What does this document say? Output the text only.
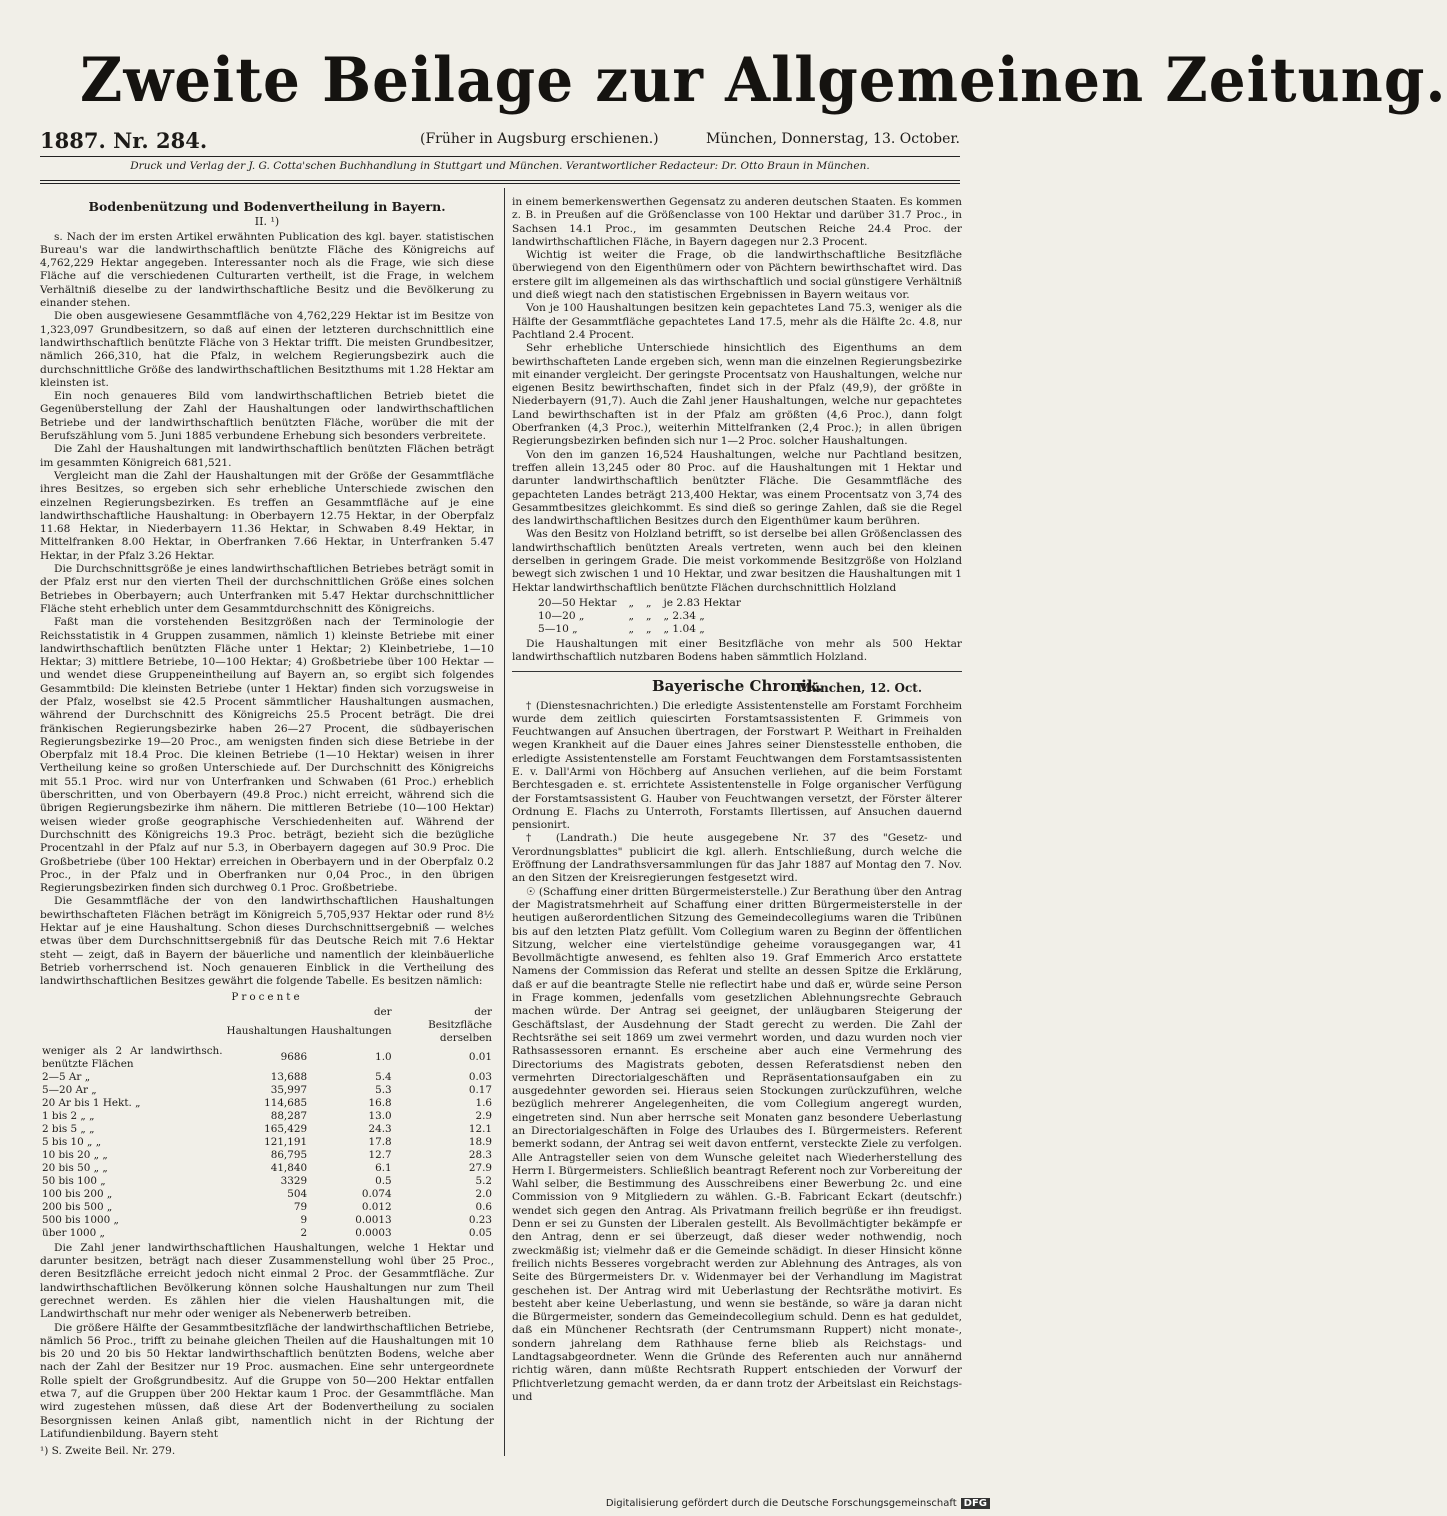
Zweite Beilage zur Allgemeinen Zeitung.
1887. Nr. 284.	(Früher in Augsburg erschienen.)	München, Donnerstag, 13. October.
Druck und Verlag der J. G. Cotta'schen Buchhandlung in Stuttgart und München. Verantwortlicher Redacteur: Dr. Otto Braun in München.
Bodenbenützung und Bodenvertheilung in Bayern.
II. ¹)

s. Nach der im ersten Artikel erwähnten Publication des kgl. bayer. statistischen Bureau's war die landwirthschaftlich benützte Fläche des Königreichs auf 4,762,229 Hektar angegeben. Interessanter noch als die Frage, wie sich diese Fläche auf die verschiedenen Culturarten vertheilt, ist die Frage, in welchem Verhältniß dieselbe zu der landwirthschaftliche Besitz und die Bevölkerung zu einander stehen.

Die oben ausgewiesene Gesammtfläche von 4,762,229 Hektar ist im Besitze von 1,323,097 Grundbesitzern, so daß auf einen der letzteren durchschnittlich eine landwirthschaftlich benützte Fläche von 3 Hektar trifft. Die meisten Grundbesitzer, nämlich 266,310, hat die Pfalz, in welchem Regierungsbezirk auch die durchschnittliche Größe des landwirthschaftlichen Besitzthums mit 1.28 Hektar am kleinsten ist.

Ein noch genaueres Bild vom landwirthschaftlichen Betrieb bietet die Gegenüberstellung der Zahl der Haushaltungen oder landwirthschaftlichen Betriebe und der landwirthschaftlich benützten Fläche, worüber die mit der Berufszählung vom 5. Juni 1885 verbundene Erhebung sich besonders verbreitete.

Die Zahl der Haushaltungen mit landwirthschaftlich benützten Flächen beträgt im gesammten Königreich 681,521.

Vergleicht man die Zahl der Haushaltungen mit der Größe der Gesammtfläche ihres Besitzes, so ergeben sich sehr erhebliche Unterschiede zwischen den einzelnen Regierungsbezirken. Es treffen an Gesammtfläche auf je eine landwirthschaftliche Haushaltung: in Oberbayern 12.75 Hektar, in der Oberpfalz 11.68 Hektar, in Niederbayern 11.36 Hektar, in Schwaben 8.49 Hektar, in Mittelfranken 8.00 Hektar, in Oberfranken 7.66 Hektar, in Unterfranken 5.47 Hektar, in der Pfalz 3.26 Hektar.

Die Durchschnittsgröße je eines landwirthschaftlichen Betriebes beträgt somit in der Pfalz erst nur den vierten Theil der durchschnittlichen Größe eines solchen Betriebes in Oberbayern; auch Unterfranken mit 5.47 Hektar durchschnittlicher Fläche steht erheblich unter dem Gesammtdurchschnitt des Königreichs.

Faßt man die vorstehenden Besitzgrößen nach der Terminologie der Reichsstatistik in 4 Gruppen zusammen, nämlich 1) kleinste Betriebe mit einer landwirthschaftlich benützten Fläche unter 1 Hektar; 2) Kleinbetriebe, 1—10 Hektar; 3) mittlere Betriebe, 10—100 Hektar; 4) Großbetriebe über 100 Hektar — und wendet diese Gruppeneintheilung auf Bayern an, so ergibt sich folgendes Gesammtbild: Die kleinsten Betriebe (unter 1 Hektar) finden sich vorzugsweise in der Pfalz, woselbst sie 42.5 Procent sämmtlicher Haushaltungen ausmachen, während der Durchschnitt des Königreichs 25.5 Procent beträgt. Die drei fränkischen Regierungsbezirke haben 26—27 Procent, die südbayerischen Regierungsbezirke 19—20 Proc., am wenigsten finden sich diese Betriebe in der Oberpfalz mit 18.4 Proc. Die kleinen Betriebe (1—10 Hektar) weisen in ihrer Vertheilung keine so großen Unterschiede auf. Der Durchschnitt des Königreichs mit 55.1 Proc. wird nur von Unterfranken und Schwaben (61 Proc.) erheblich überschritten, und von Oberbayern (49.8 Proc.) nicht erreicht, während sich die übrigen Regierungsbezirke ihm nähern. Die mittleren Betriebe (10—100 Hektar) weisen wieder große geographische Verschiedenheiten auf. Während der Durchschnitt des Königreichs 19.3 Proc. beträgt, bezieht sich die bezügliche Procentzahl in der Pfalz auf nur 5.3, in Oberbayern dagegen auf 30.9 Proc. Die Großbetriebe (über 100 Hektar) erreichen in Oberbayern und in der Oberpfalz 0.2 Proc., in der Pfalz und in Oberfranken nur 0,04 Proc., in den übrigen Regierungsbezirken finden sich durchweg 0.1 Proc. Großbetriebe.

Die Gesammtfläche der von den landwirthschaftlichen Haushaltungen bewirthschafteten Flächen beträgt im Königreich 5,705,937 Hektar oder rund 8½ Hektar auf je eine Haushaltung. Schon dieses Durchschnittsergebniß — welches etwas über dem Durchschnittsergebniß für das Deutsche Reich mit 7.6 Hektar steht — zeigt, daß in Bayern der bäuerliche und namentlich der kleinbäuerliche Betrieb vorherrschend ist. Noch genaueren Einblick in die Vertheilung des landwirthschaftlichen Besitzes gewährt die folgende Tabelle. Es besitzen nämlich:

Procente
		der	der
	Haushaltungen	Haushaltungen	Besitzfläche derselben
weniger als 2 Ar landwirthsch. benützte Flächen	9686	1.0	0.01
2—5 Ar „	13,688	5.4	0.03
5—20 Ar „	35,997	5.3	0.17
20 Ar bis 1 Hekt. „	114,685	16.8	1.6
1 bis 2 „ „	88,287	13.0	2.9
2 bis 5 „ „	165,429	24.3	12.1
5 bis 10 „ „	121,191	17.8	18.9
10 bis 20 „ „	86,795	12.7	28.3
20 bis 50 „ „	41,840	6.1	27.9
50 bis 100 „	3329	0.5	5.2
100 bis 200 „	504	0.074	2.0
200 bis 500 „	79	0.012	0.6
500 bis 1000 „	9	0.0013	0.23
über 1000 „	2	0.0003	0.05

Die Zahl jener landwirthschaftlichen Haushaltungen, welche 1 Hektar und darunter besitzen, beträgt nach dieser Zusammenstellung wohl über 25 Proc., deren Besitzfläche erreicht jedoch nicht einmal 2 Proc. der Gesammtfläche. Zur landwirthschaftlichen Bevölkerung können solche Haushaltungen nur zum Theil gerechnet werden. Es zählen hier die vielen Haushaltungen mit, die Landwirthschaft nur mehr oder weniger als Nebenerwerb betreiben.

Die größere Hälfte der Gesammtbesitzfläche der landwirthschaftlichen Betriebe, nämlich 56 Proc., trifft zu beinahe gleichen Theilen auf die Haushaltungen mit 10 bis 20 und 20 bis 50 Hektar landwirthschaftlich benützten Bodens, welche aber nach der Zahl der Besitzer nur 19 Proc. ausmachen. Eine sehr untergeordnete Rolle spielt der Großgrundbesitz. Auf die Gruppe von 50—200 Hektar entfallen etwa 7, auf die Gruppen über 200 Hektar kaum 1 Proc. der Gesammtfläche. Man wird zugestehen müssen, daß diese Art der Bodenvertheilung zu socialen Besorgnissen keinen Anlaß gibt, namentlich nicht in der Richtung der Latifundienbildung. Bayern steht

¹) S. Zweite Beil. Nr. 279.

in einem bemerkenswerthen Gegensatz zu anderen deutschen Staaten. Es kommen z. B. in Preußen auf die Größenclasse von 100 Hektar und darüber 31.7 Proc., in Sachsen 14.1 Proc., im gesammten Deutschen Reiche 24.4 Proc. der landwirthschaftlichen Fläche, in Bayern dagegen nur 2.3 Procent.

Wichtig ist weiter die Frage, ob die landwirthschaftliche Besitzfläche überwiegend von den Eigenthümern oder von Pächtern bewirthschaftet wird. Das erstere gilt im allgemeinen als das wirthschaftlich und social günstigere Verhältniß und dieß wiegt nach den statistischen Ergebnissen in Bayern weitaus vor.

Von je 100 Haushaltungen besitzen kein gepachtetes Land 75.3, weniger als die Hälfte der Gesammtfläche gepachtetes Land 17.5, mehr als die Hälfte 2c. 4.8, nur Pachtland 2.4 Procent.

Sehr erhebliche Unterschiede hinsichtlich des Eigenthums an dem bewirthschafteten Lande ergeben sich, wenn man die einzelnen Regierungsbezirke mit einander vergleicht. Der geringste Procentsatz von Haushaltungen, welche nur eigenen Besitz bewirthschaften, findet sich in der Pfalz (49,9), der größte in Niederbayern (91,7). Auch die Zahl jener Haushaltungen, welche nur gepachtetes Land bewirthschaften ist in der Pfalz am größten (4,6 Proc.), dann folgt Oberfranken (4,3 Proc.), weiterhin Mittelfranken (2,4 Proc.); in allen übrigen Regierungsbezirken befinden sich nur 1—2 Proc. solcher Haushaltungen.

Von den im ganzen 16,524 Haushaltungen, welche nur Pachtland besitzen, treffen allein 13,245 oder 80 Proc. auf die Haushaltungen mit 1 Hektar und darunter landwirthschaftlich benützter Fläche. Die Gesammtfläche des gepachteten Landes beträgt 213,400 Hektar, was einem Procentsatz von 3,74 des Gesammtbesitzes gleichkommt. Es sind dieß so geringe Zahlen, daß sie die Regel des landwirthschaftlichen Besitzes durch den Eigenthümer kaum berühren.

Was den Besitz von Holzland betrifft, so ist derselbe bei allen Größenclassen des landwirthschaftlich benützten Areals vertreten, wenn auch bei den kleinen derselben in geringem Grade. Die meist vorkommende Besitzgröße von Holzland bewegt sich zwischen 1 und 10 Hektar, und zwar besitzen die Haushaltungen mit 1 Hektar landwirthschaftlich benützte Flächen durchschnittlich Holzland

20—50 Hektar	„	„	je 2.83 Hektar
10—20 „	„	„	„ 2.34 „
5—10 „	„	„	„ 1.04 „

Die Haushaltungen mit einer Besitzfläche von mehr als 500 Hektar landwirthschaftlich nutzbaren Bodens haben sämmtlich Holzland.

Bayerische Chronik.
München, 12. Oct.

† (Dienstesnachrichten.) Die erledigte Assistentenstelle am Forstamt Forchheim wurde dem zeitlich quiescirten Forstamtsassistenten F. Grimmeis von Feuchtwangen auf Ansuchen übertragen, der Forstwart P. Weithart in Freihalden wegen Krankheit auf die Dauer eines Jahres seiner Dienstesstelle enthoben, die erledigte Assistentenstelle am Forstamt Feuchtwangen dem Forstamtsassistenten E. v. Dall'Armi von Höchberg auf Ansuchen verliehen, auf die beim Forstamt Berchtesgaden e. st. errichtete Assistentenstelle in Folge organischer Verfügung der Forstamtsassistent G. Hauber von Feuchtwangen versetzt, der Förster älterer Ordnung E. Flachs zu Unterroth, Forstamts Illertissen, auf Ansuchen dauernd pensionirt.

† (Landrath.) Die heute ausgegebene Nr. 37 des "Gesetz- und Verordnungsblattes" publicirt die kgl. allerh. Entschließung, durch welche die Eröffnung der Landrathsversammlungen für das Jahr 1887 auf Montag den 7. Nov. an den Sitzen der Kreisregierungen festgesetzt wird.

☉ (Schaffung einer dritten Bürgermeisterstelle.) Zur Berathung über den Antrag der Magistratsmehrheit auf Schaffung einer dritten Bürgermeisterstelle in der heutigen außerordentlichen Sitzung des Gemeindecollegiums waren die Tribünen bis auf den letzten Platz gefüllt. Vom Collegium waren zu Beginn der öffentlichen Sitzung, welcher eine viertelstündige geheime vorausgegangen war, 41 Bevollmächtigte anwesend, es fehlten also 19. Graf Emmerich Arco erstattete Namens der Commission das Referat und stellte an dessen Spitze die Erklärung, daß er auf die beantragte Stelle nie reflectirt habe und daß er, würde seine Person in Frage kommen, jedenfalls vom gesetzlichen Ablehnungsrechte Gebrauch machen würde. Der Antrag sei geeignet, der unläugbaren Steigerung der Geschäftslast, der Ausdehnung der Stadt gerecht zu werden. Die Zahl der Rechtsräthe sei seit 1869 um zwei vermehrt worden, und dazu wurden noch vier Rathsassessoren ernannt. Es erscheine aber auch eine Vermehrung des Directoriums des Magistrats geboten, dessen Referatsdienst neben den vermehrten Directorialgeschäften und Repräsentationsaufgaben ein zu ausgedehnter geworden sei. Hieraus seien Stockungen zurückzuführen, welche bezüglich mehrerer Angelegenheiten, die vom Collegium angeregt wurden, eingetreten sind. Nun aber herrsche seit Monaten ganz besondere Ueberlastung an Directorialgeschäften in Folge des Urlaubes des I. Bürgermeisters. Referent bemerkt sodann, der Antrag sei weit davon entfernt, versteckte Ziele zu verfolgen. Alle Antragsteller seien von dem Wunsche geleitet nach Wiederherstellung des Herrn I. Bürgermeisters. Schließlich beantragt Referent noch zur Vorbereitung der Wahl selber, die Bestimmung des Ausschreibens einer Bewerbung 2c. und eine Commission von 9 Mitgliedern zu wählen. G.-B. Fabricant Eckart (deutschfr.) wendet sich gegen den Antrag. Als Privatmann freilich begrüße er ihn freudigst. Denn er sei zu Gunsten der Liberalen gestellt. Als Bevollmächtigter bekämpfe er den Antrag, denn er sei überzeugt, daß dieser weder nothwendig, noch zweckmäßig ist; vielmehr daß er die Gemeinde schädigt. In dieser Hinsicht könne freilich nichts Besseres vorgebracht werden zur Ablehnung des Antrages, als von Seite des Bürgermeisters Dr. v. Widenmayer bei der Verhandlung im Magistrat geschehen ist. Der Antrag wird mit Ueberlastung der Rechtsräthe motivirt. Es besteht aber keine Ueberlastung, und wenn sie bestände, so wäre ja daran nicht die Bürgermeister, sondern das Gemeindecollegium schuld. Denn es hat geduldet, daß ein Münchener Rechtsrath (der Centrumsmann Ruppert) nicht monate-, sondern jahrelang dem Rathhause ferne blieb als Reichstags- und Landtagsabgeordneter. Wenn die Gründe des Referenten auch nur annähernd richtig wären, dann müßte Rechtsrath Ruppert entschieden der Vorwurf der Pflichtverletzung gemacht werden, da er dann trotz der Arbeitslast ein Reichstags- und

Digitalisierung gefördert durch die Deutsche Forschungsgemeinschaft DFG
